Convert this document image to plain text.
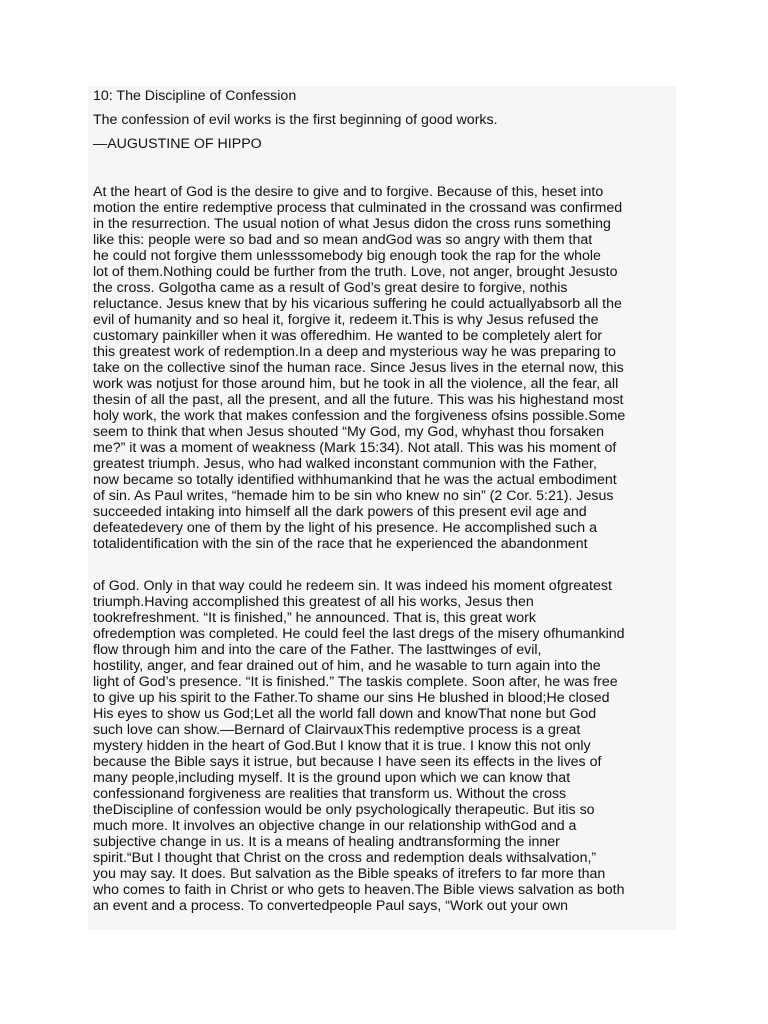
10: The Discipline of Confession

The confession of evil works is the first beginning of good works.

—AUGUSTINE OF HIPPO

At the heart of God is the desire to give and to forgive. Because of this, heset into

motion the entire redemptive process that culminated in the crossand was confirmed

in the resurrection. The usual notion of what Jesus didon the cross runs something

like this: people were so bad and so mean andGod was so angry with them that

he could not forgive them unlesssomebody big enough took the rap for the whole

lot of them.Nothing could be further from the truth. Love, not anger, brought Jesusto

the cross. Golgotha came as a result of God’s great desire to forgive, nothis

reluctance. Jesus knew that by his vicarious suffering he could actuallyabsorb all the

evil of humanity and so heal it, forgive it, redeem it.This is why Jesus refused the

customary painkiller when it was offeredhim. He wanted to be completely alert for

this greatest work of redemption.In a deep and mysterious way he was preparing to

take on the collective sinof the human race. Since Jesus lives in the eternal now, this

work was notjust for those around him, but he took in all the violence, all the fear, all

thesin of all the past, all the present, and all the future. This was his highestand most

holy work, the work that makes confession and the forgiveness ofsins possible.Some

seem to think that when Jesus shouted “My God, my God, whyhast thou forsaken

me?” it was a moment of weakness (Mark 15:34). Not atall. This was his moment of

greatest triumph. Jesus, who had walked inconstant communion with the Father,

now became so totally identified withhumankind that he was the actual embodiment

of sin. As Paul writes, “hemade him to be sin who knew no sin” (2 Cor. 5:21). Jesus

succeeded intaking into himself all the dark powers of this present evil age and

defeatedevery one of them by the light of his presence. He accomplished such a

totalidentification with the sin of the race that he experienced the abandonment

of God. Only in that way could he redeem sin. It was indeed his moment ofgreatest

triumph.Having accomplished this greatest of all his works, Jesus then

tookrefreshment. “It is finished,” he announced. That is, this great work

ofredemption was completed. He could feel the last dregs of the misery ofhumankind

flow through him and into the care of the Father. The lasttwinges of evil,

hostility, anger, and fear drained out of him, and he wasable to turn again into the

light of God’s presence. “It is finished.” The taskis complete. Soon after, he was free

to give up his spirit to the Father.To shame our sins He blushed in blood;He closed

His eyes to show us God;Let all the world fall down and knowThat none but God

such love can show.—Bernard of ClairvauxThis redemptive process is a great

mystery hidden in the heart of God.But I know that it is true. I know this not only

because the Bible says it istrue, but because I have seen its effects in the lives of

many people,including myself. It is the ground upon which we can know that

confessionand forgiveness are realities that transform us. Without the cross

theDiscipline of confession would be only psychologically therapeutic. But itis so

much more. It involves an objective change in our relationship withGod and a

subjective change in us. It is a means of healing andtransforming the inner

spirit.“But I thought that Christ on the cross and redemption deals withsalvation,”

you may say. It does. But salvation as the Bible speaks of itrefers to far more than

who comes to faith in Christ or who gets to heaven.The Bible views salvation as both

an event and a process. To convertedpeople Paul says, “Work out your own
